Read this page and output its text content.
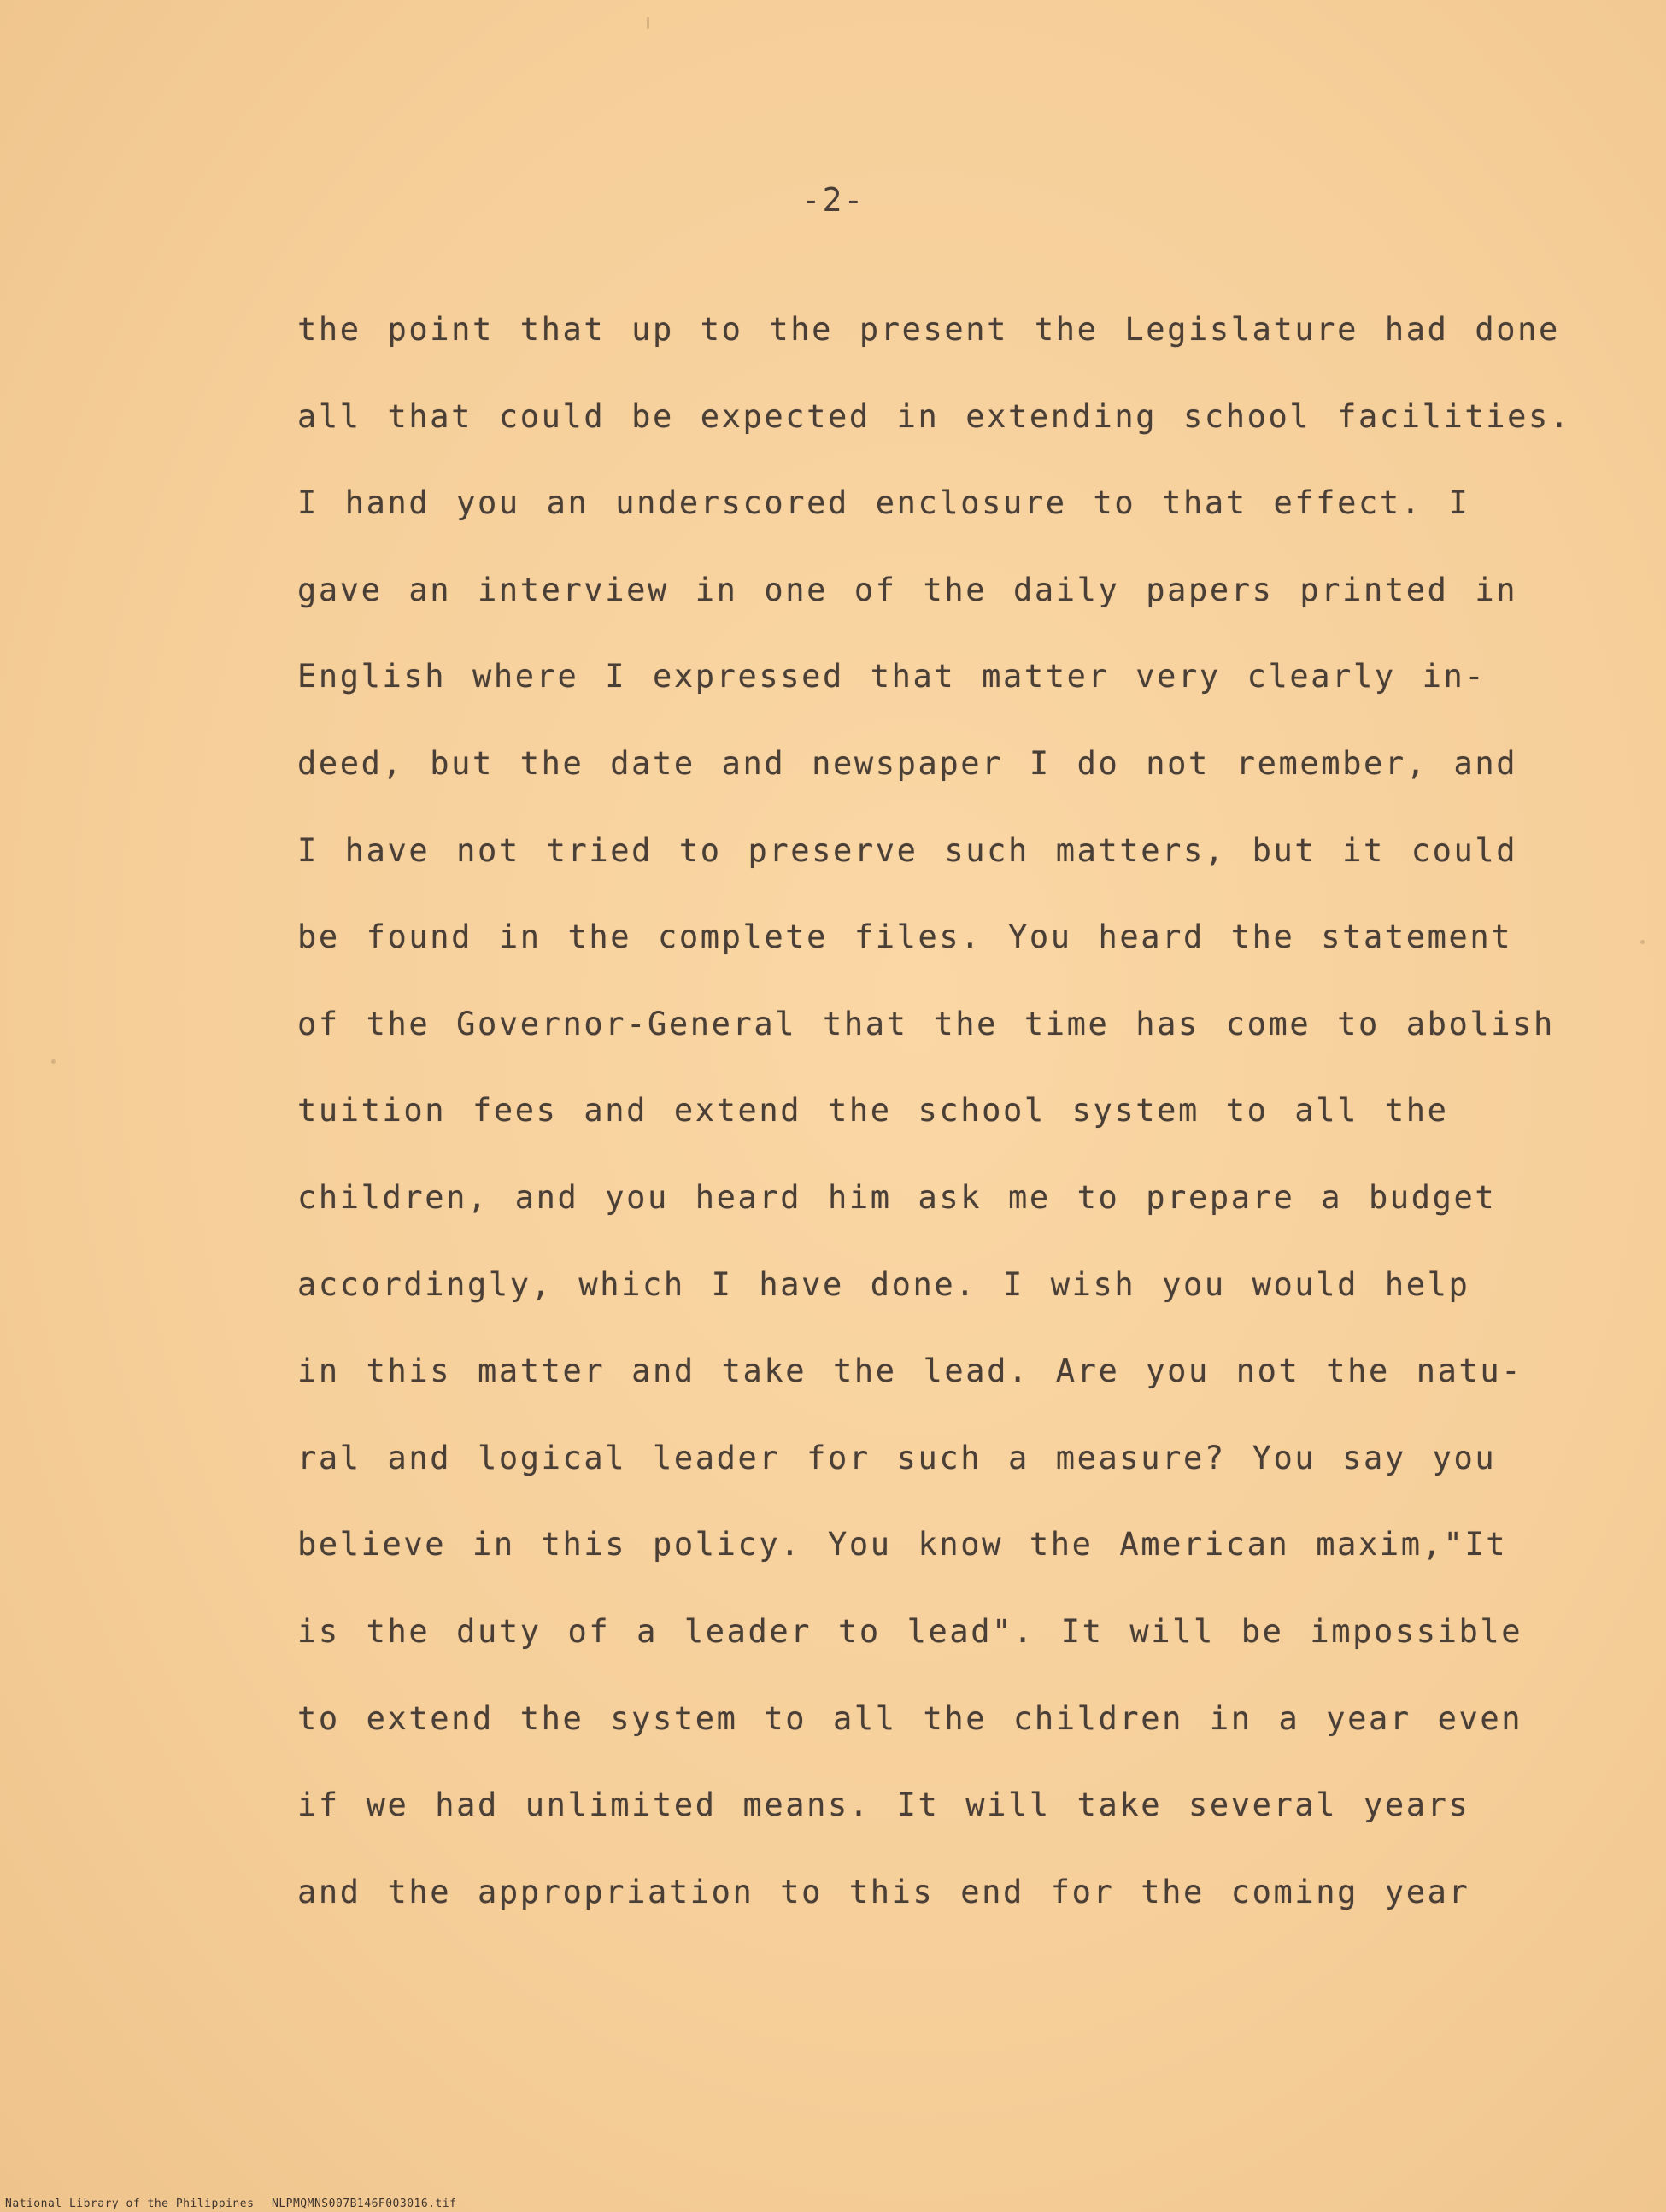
-2-
the point that up to the present the Legislature had done
all that could be expected in extending school facilities.
I hand you an underscored enclosure to that effect. I
gave an interview in one of the daily papers printed in
English where I expressed that matter very clearly in-
deed, but the date and newspaper I do not remember, and
I have not tried to preserve such matters, but it could
be found in the complete files. You heard the statement
of the Governor-General that the time has come to abolish
tuition fees and extend the school system to all the
children, and you heard him ask me to prepare a budget
accordingly, which I have done. I wish you would help
in this matter and take the lead. Are you not the natu-
ral and logical leader for such a measure? You say you
believe in this policy. You know the American maxim,"It
is the duty of a leader to lead". It will be impossible
to extend the system to all the children in a year even
if we had unlimited means. It will take several years
and the appropriation to this end for the coming year
National Library of the Philippines NLPMQMNS007B146F003016.tif
